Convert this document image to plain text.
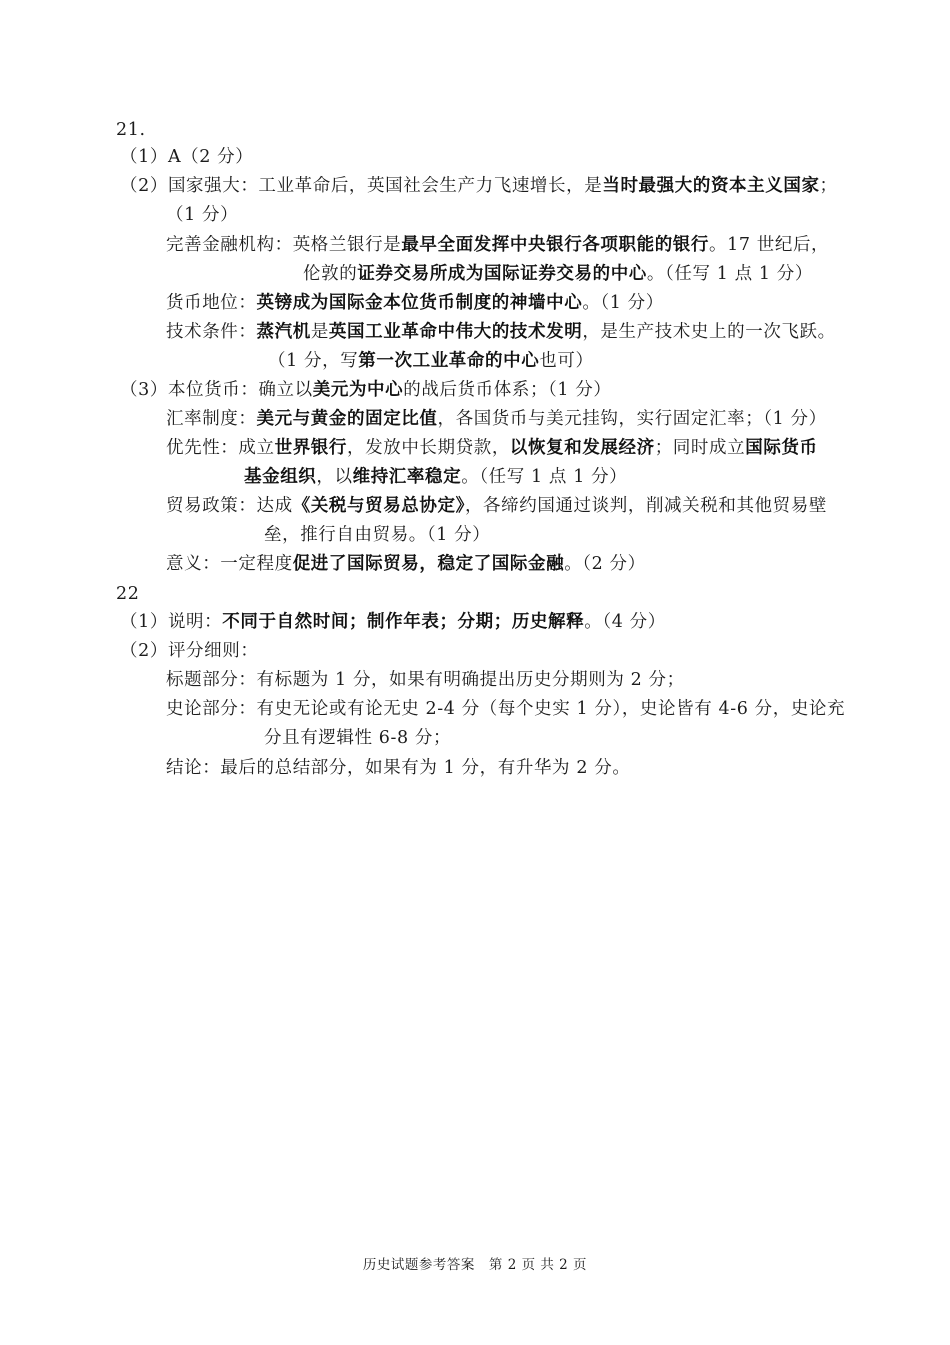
21.
（1）A（2 分）
（2）国家强大：工业革命后，英国社会生产力飞速增长，是当时最强大的资本主义国家；
（1 分）
完善金融机构：英格兰银行是最早全面发挥中央银行各项职能的银行。17 世纪后，
伦敦的证券交易所成为国际证券交易的中心。（任写 1 点 1 分）
货币地位：英镑成为国际金本位货币制度的神墙中心。（1 分）
技术条件：蒸汽机是英国工业革命中伟大的技术发明，是生产技术史上的一次飞跃。
（1 分，写第一次工业革命的中心也可）
（3）本位货币：确立以美元为中心的战后货币体系；（1 分）
汇率制度：美元与黄金的固定比值，各国货币与美元挂钩，实行固定汇率；（1 分）
优先性：成立世界银行，发放中长期贷款，以恢复和发展经济；同时成立国际货币
基金组织，以维持汇率稳定。（任写 1 点 1 分）
贸易政策：达成《关税与贸易总协定》，各缔约国通过谈判，削减关税和其他贸易壁
垒，推行自由贸易。（1 分）
意义：一定程度促进了国际贸易，稳定了国际金融。（2 分）
22
（1）说明：不同于自然时间；制作年表；分期；历史解释。（4 分）
（2）评分细则：
标题部分：有标题为 1 分，如果有明确提出历史分期则为 2 分；
史论部分：有史无论或有论无史 2-4 分（每个史实 1 分），史论皆有 4-6 分，史论充
分且有逻辑性 6-8 分；
结论：最后的总结部分，如果有为 1 分，有升华为 2 分。
历史试题参考答案　第 2 页 共 2 页
